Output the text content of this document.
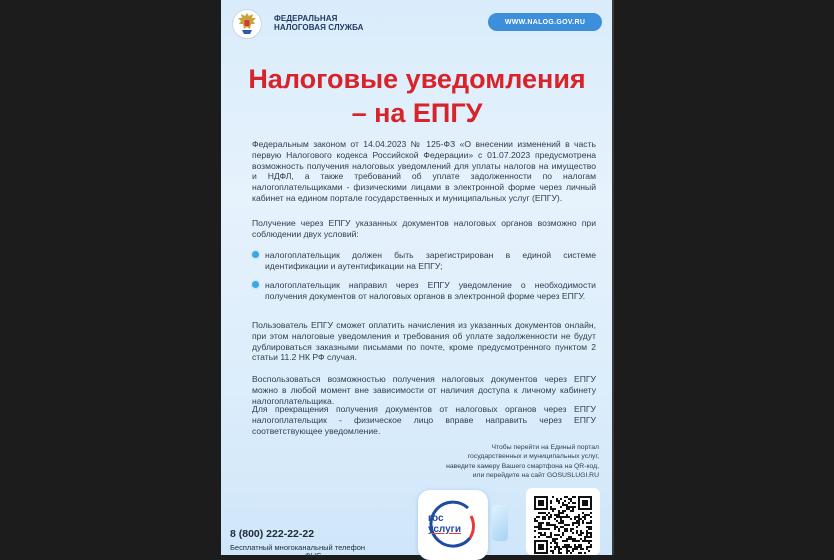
ФЕДЕРАЛЬНАЯ
НАЛОГОВАЯ СЛУЖБА
WWW.NALOG.GOV.RU
Налоговые уведомления
– на ЕПГУ
Федеральным законом от 14.04.2023 № 125-ФЗ «О внесении изменений в часть первую Налогового кодекса Российской Федерации» с 01.07.2023 предусмотрена возможность получения налоговых уведомлений для уплаты налогов на имущество и НДФЛ, а также требований об уплате задолженности по налогам налогоплательщиками - физическими лицами в электронной форме через личный кабинет на едином портале государственных и муниципальных услуг (ЕПГУ).
Получение через ЕПГУ указанных документов налоговых органов возможно при соблюдении двух условий:
налогоплательщик должен быть зарегистрирован в единой системе идентификации и аутентификации на ЕПГУ;
налогоплательщик направил через ЕПГУ уведомление о необходимости получения документов от налоговых органов в электронной форме через ЕПГУ.
Пользователь ЕПГУ сможет оплатить начисления из указанных документов онлайн, при этом налоговые уведомления и требования об уплате задолженности не будут дублироваться заказными письмами по почте, кроме предусмотренного пунктом 2 статьи 11.2 НК РФ случая.
Воспользоваться возможностью получения налоговых документов через ЕПГУ можно в любой момент вне зависимости от наличия доступа к личному кабинету налогоплательщика.
Для прекращения получения документов от налоговых органов через ЕПГУ налогоплательщик - физическое лицо вправе направить через ЕПГУ соответствующее уведомление.
Чтобы перейти на Единый портал
государственных и муниципальных услуг,
наведите камеру Вашего смартфона на QR-код,
или перейдите на сайт GOSUSLUGI.RU
8 (800) 222-22-22
Бесплатный многоканальный телефон
ФНС
гос
услуги
